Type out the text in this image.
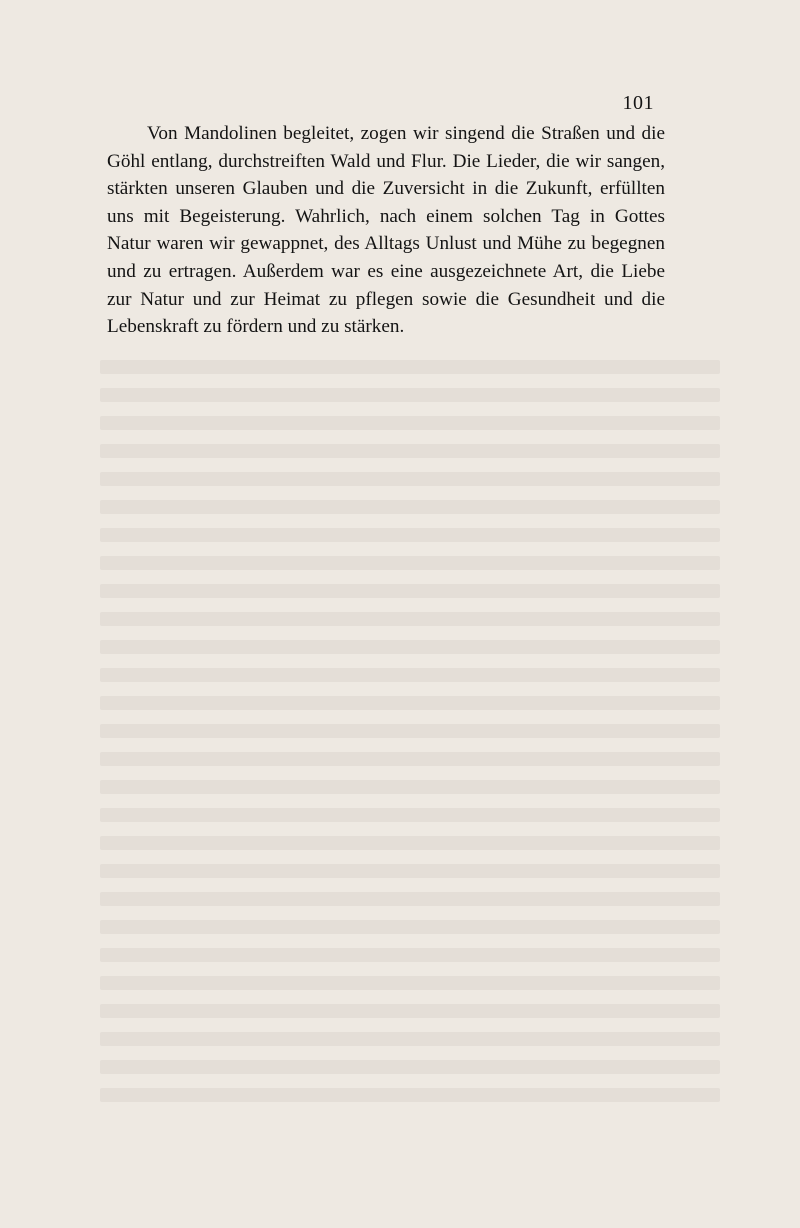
101

Von Mandolinen begleitet, zogen wir singend die Straßen und die Göhl entlang, durchstreiften Wald und Flur. Die Lieder, die wir sangen, stärkten unseren Glauben und die Zuversicht in die Zukunft, erfüllten uns mit Begeisterung. Wahrlich, nach einem solchen Tag in Gottes Natur waren wir gewappnet, des Alltags Unlust und Mühe zu begegnen und zu ertragen. Außerdem war es eine ausgezeichnete Art, die Liebe zur Natur und zur Heimat zu pflegen sowie die Gesundheit und die Lebenskraft zu fördern und zu stärken.
